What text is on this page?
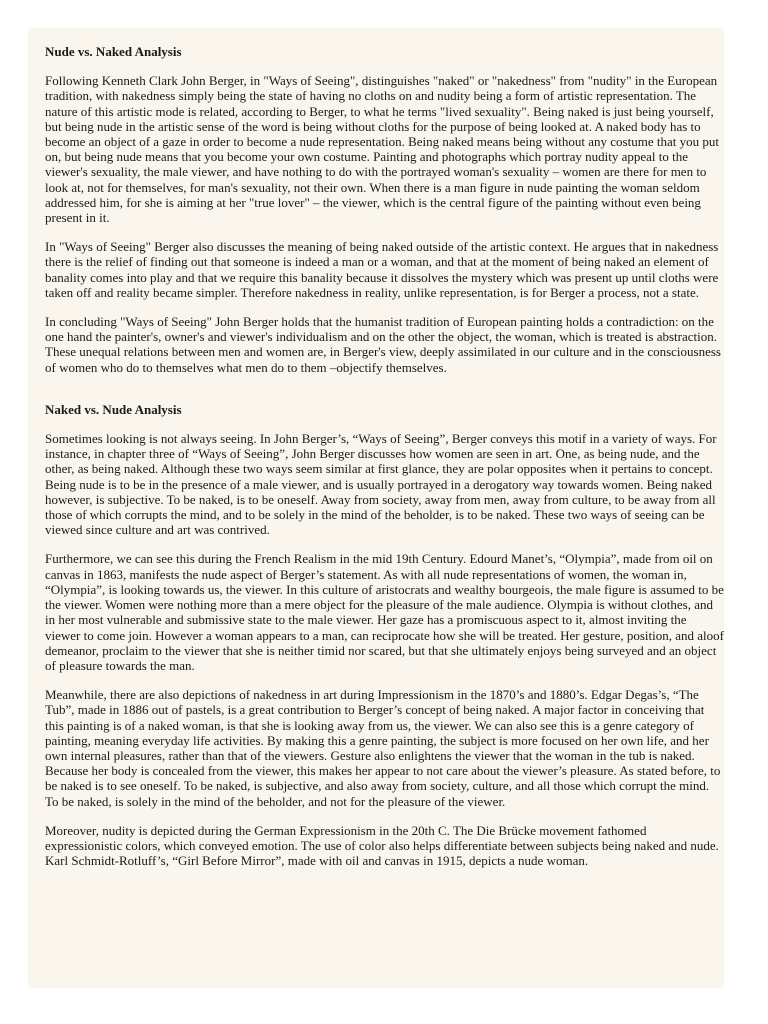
Nude vs. Naked Analysis

Following Kenneth Clark John Berger, in "Ways of Seeing", distinguishes "naked" or "nakedness" from "nudity" in the European tradition, with nakedness simply being the state of having no cloths on and nudity being a form of artistic representation. The nature of this artistic mode is related, according to Berger, to what he terms "lived sexuality". Being naked is just being yourself, but being nude in the artistic sense of the word is being without cloths for the purpose of being looked at. A naked body has to become an object of a gaze in order to become a nude representation. Being naked means being without any costume that you put on, but being nude means that you become your own costume. Painting and photographs which portray nudity appeal to the viewer's sexuality, the male viewer, and have nothing to do with the portrayed woman's sexuality – women are there for men to look at, not for themselves, for man's sexuality, not their own. When there is a man figure in nude painting the woman seldom addressed him, for she is aiming at her "true lover" – the viewer, which is the central figure of the painting without even being present in it.

In "Ways of Seeing" Berger also discusses the meaning of being naked outside of the artistic context. He argues that in nakedness there is the relief of finding out that someone is indeed a man or a woman, and that at the moment of being naked an element of banality comes into play and that we require this banality because it dissolves the mystery which was present up until cloths were taken off and reality became simpler. Therefore nakedness in reality, unlike representation, is for Berger a process, not a state.

In concluding "Ways of Seeing" John Berger holds that the humanist tradition of European painting holds a contradiction: on the one hand the painter's, owner's and viewer's individualism and on the other the object, the woman, which is treated is abstraction. These unequal relations between men and women are, in Berger's view, deeply assimilated in our culture and in the consciousness of women who do to themselves what men do to them –objectify themselves.

Naked vs. Nude Analysis

Sometimes looking is not always seeing. In John Berger’s, “Ways of Seeing”, Berger conveys this motif in a variety of ways. For instance, in chapter three of “Ways of Seeing”, John Berger discusses how women are seen in art. One, as being nude, and the other, as being naked. Although these two ways seem similar at first glance, they are polar opposites when it pertains to concept. Being nude is to be in the presence of a male viewer, and is usually portrayed in a derogatory way towards women. Being naked however, is subjective. To be naked, is to be oneself. Away from society, away from men, away from culture, to be away from all those of which corrupts the mind, and to be solely in the mind of the beholder, is to be naked. These two ways of seeing can be viewed since culture and art was contrived.

Furthermore, we can see this during the French Realism in the mid 19th Century. Edourd Manet’s, “Olympia”, made from oil on canvas in 1863, manifests the nude aspect of Berger’s statement. As with all nude representations of women, the woman in, “Olympia”, is looking towards us, the viewer. In this culture of aristocrats and wealthy bourgeois, the male figure is assumed to be the viewer. Women were nothing more than a mere object for the pleasure of the male audience. Olympia is without clothes, and in her most vulnerable and submissive state to the male viewer. Her gaze has a promiscuous aspect to it, almost inviting the viewer to come join. However a woman appears to a man, can reciprocate how she will be treated. Her gesture, position, and aloof demeanor, proclaim to the viewer that she is neither timid nor scared, but that she ultimately enjoys being surveyed and an object of pleasure towards the man.

Meanwhile, there are also depictions of nakedness in art during Impressionism in the 1870’s and 1880’s. Edgar Degas’s, “The Tub”, made in 1886 out of pastels, is a great contribution to Berger’s concept of being naked. A major factor in conceiving that this painting is of a naked woman, is that she is looking away from us, the viewer. We can also see this is a genre category of painting, meaning everyday life activities. By making this a genre painting, the subject is more focused on her own life, and her own internal pleasures, rather than that of the viewers. Gesture also enlightens the viewer that the woman in the tub is naked. Because her body is concealed from the viewer, this makes her appear to not care about the viewer’s pleasure. As stated before, to be naked is to see oneself. To be naked, is subjective, and also away from society, culture, and all those which corrupt the mind. To be naked, is solely in the mind of the beholder, and not for the pleasure of the viewer.

Moreover, nudity is depicted during the German Expressionism in the 20th C. The Die Brücke movement fathomed expressionistic colors, which conveyed emotion. The use of color also helps differentiate between subjects being naked and nude. Karl Schmidt-Rotluff’s, “Girl Before Mirror”, made with oil and canvas in 1915, depicts a nude woman.
